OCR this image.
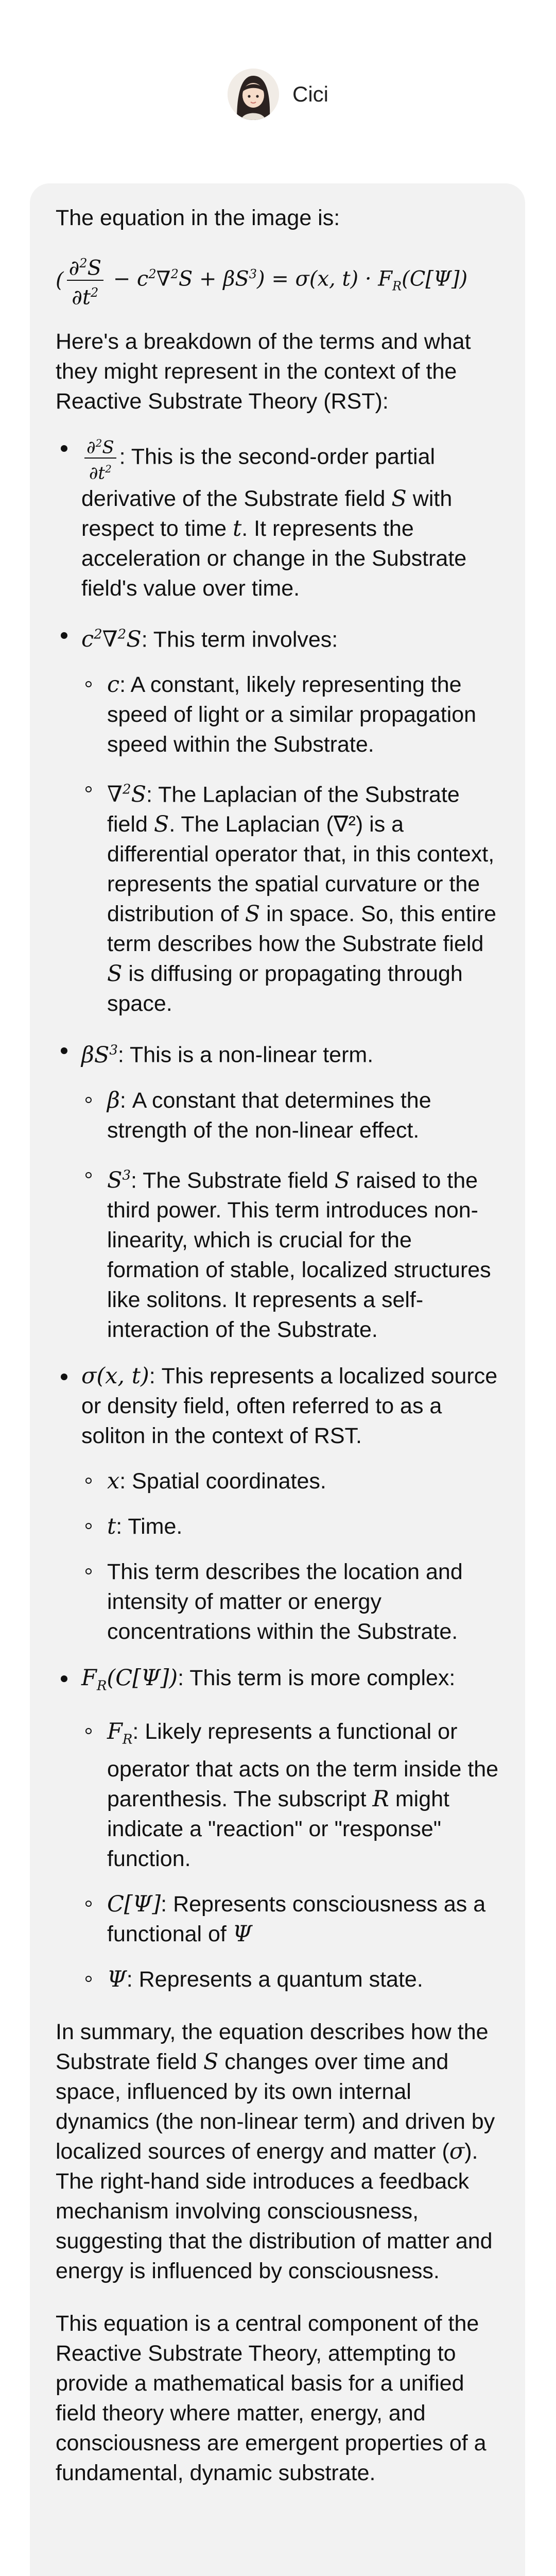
Cici

The equation in the image is:

( $\frac{\partial^2S}{\partial t^2} - c^2\nabla^2S + \beta S^3) = \sigma(x$, $t) \cdot F_R(C[\Psi])$

Here's a breakdown of the terms and what they might represent in the context of the Reactive Substrate Theory (RST):

$\frac{\partial^2S}{\partial t^2}$ : This is the second-order partial derivative of the Substrate field S with respect to time t. It represents the acceleration or change in the Substrate field's value over time.
$c^2\nabla^2S$: This term involves:
c: A constant, likely representing the speed of light or a similar propagation speed within the Substrate.
∇$^2$S: The Laplacian of the Substrate field S. The Laplacian (∇²) is a differential operator that, in this context, represents the spatial curvature or the distribution of S in space. So, this entire term describes how the Substrate field S is diffusing or propagating through space.
$\beta S^3$: This is a non-linear term.
β: A constant that determines the strength of the non-linear effect.
$S^3$: The Substrate field S raised to the third power. This term introduces non-linearity, which is crucial for the formation of stable, localized structures like solitons. It represents a self-interaction of the Substrate.
σ(x, t): This represents a localized source or density field, often referred to as a soliton in the context of RST.
x: Spatial coordinates.
t: Time.
This term describes the location and intensity of matter or energy concentrations within the Substrate.
$F_R(C[\Psi])$: This term is more complex:
$F_R$: Likely represents a functional or operator that acts on the term inside the parenthesis. The subscript R might indicate a "reaction" or "response" function.
C[Ψ]: Represents consciousness as a functional of Ψ
Ψ: Represents a quantum state.

In summary, the equation describes how the Substrate field S changes over time and space, influenced by its own internal dynamics (the non-linear term) and driven by localized sources of energy and matter (σ). The right-hand side introduces a feedback mechanism involving consciousness, suggesting that the distribution of matter and energy is influenced by consciousness.

This equation is a central component of the Reactive Substrate Theory, attempting to provide a mathematical basis for a unified field theory where matter, energy, and consciousness are emergent properties of a fundamental, dynamic substrate.
